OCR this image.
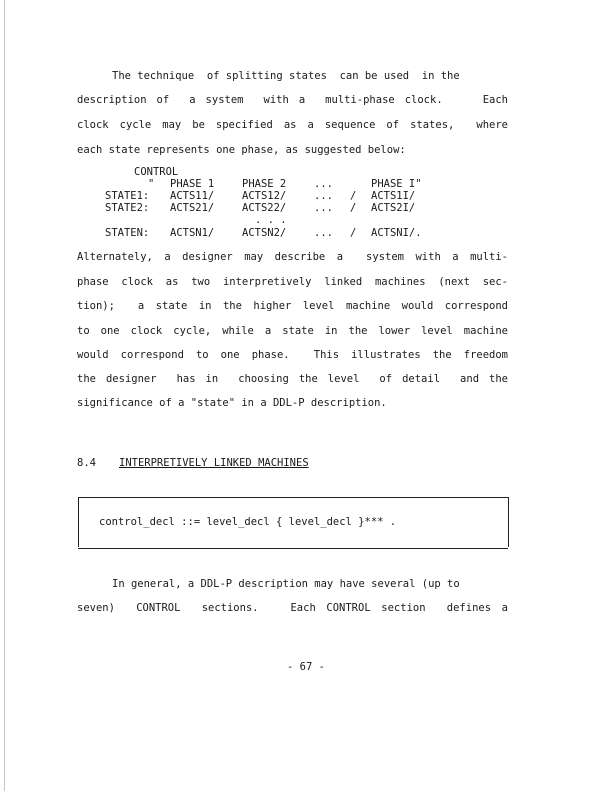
The technique  of splitting states  can be used  in the
description of  a system  with a  multi-phase clock.    Each
clock cycle may be specified as a sequence of states,  where
each state represents one phase, as suggested below:
CONTROL
" PHASE 1	PHASE 2	...	PHASE I"
STATE1: ACTS11/	ACTS12/	... / ACTS1I/
STATE2: ACTS21/	ACTS22/	... / ACTS2I/
. . .
STATEN: ACTSN1/	ACTSN2/	... / ACTSNI/.
Alternately, a designer may describe a  system with a multi-
phase clock as two interpretively linked machines (next sec-
tion);  a state in the higher level machine would correspond
to one clock cycle, while a state in the lower level machine
would correspond to one phase.  This illustrates the freedom
the designer  has in  choosing the level  of detail  and the
significance of a "state" in a DDL-P description.
8.4 INTERPRETIVELY LINKED MACHINES
control_decl ::= level_decl { level_decl }*** .
In general, a DDL-P description may have several (up to
seven)  CONTROL  sections.   Each CONTROL section  defines a
- 67 -
